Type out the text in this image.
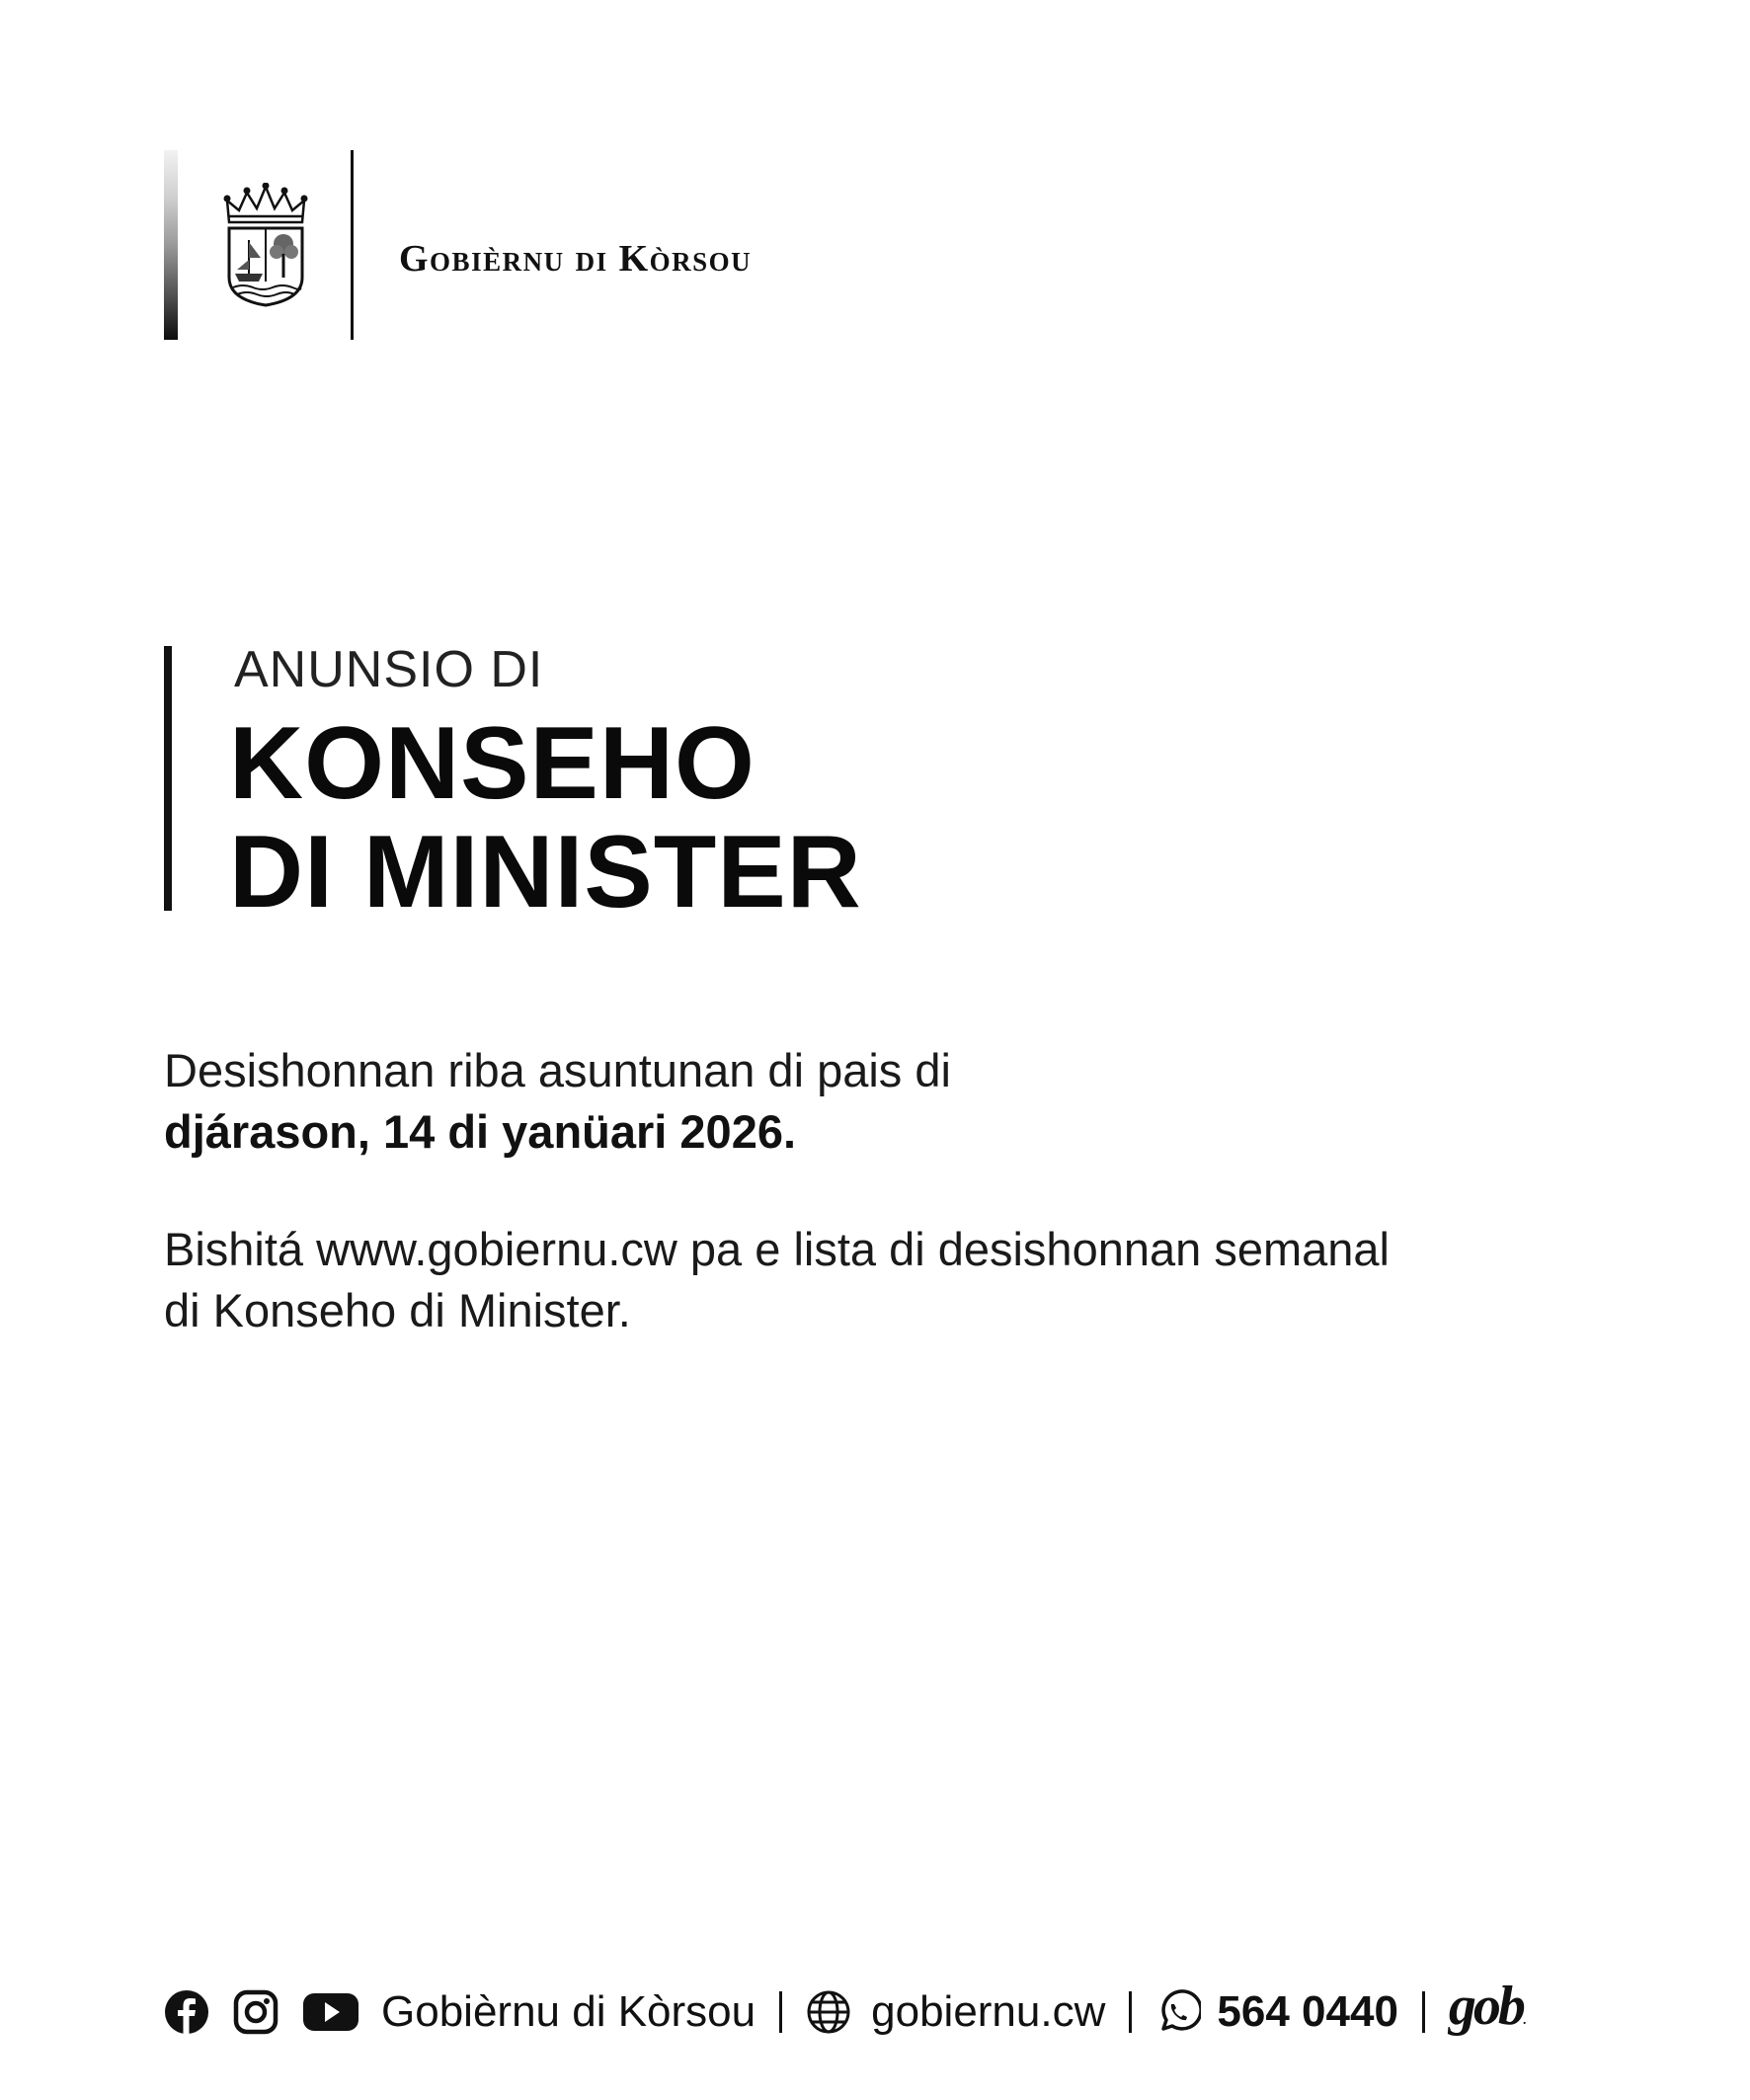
Gobièrnu di Kòrsou
ANUNSIO DI
KONSEHO
DI MINISTER
Desishonnan riba asuntunan di pais di
djárason, 14 di yanüari 2026.
Bishitá www.gobiernu.cw pa e lista di desishonnan semanal
di Konseho di Minister.
Gobièrnu di Kòrsou	gobiernu.cw	564 0440 gob.
